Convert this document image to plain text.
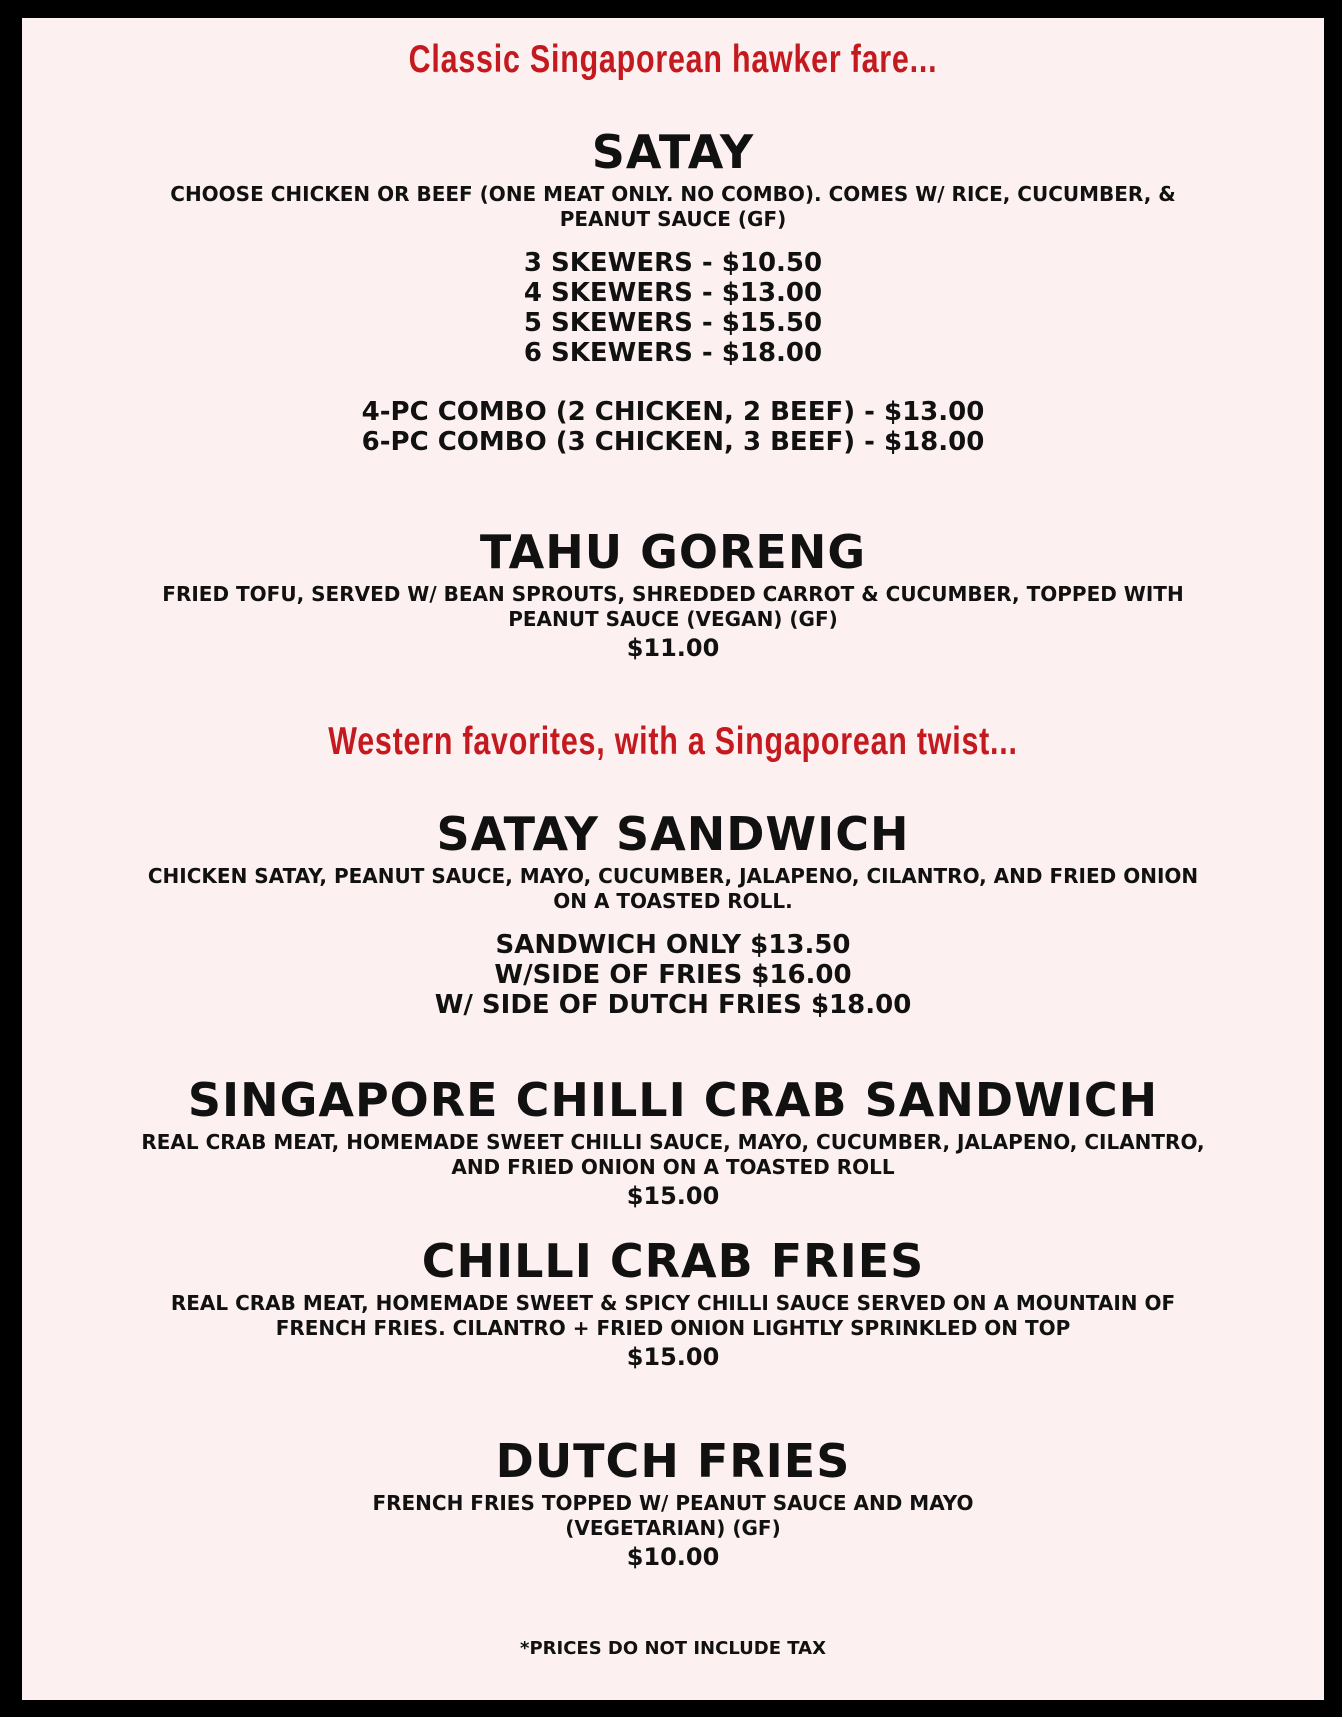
Classic Singaporean hawker fare...
SATAY

CHOOSE CHICKEN OR BEEF (ONE MEAT ONLY. NO COMBO). COMES W/ RICE, CUCUMBER, &
PEANUT SAUCE (GF)

3 SKEWERS - $10.50
4 SKEWERS - $13.00
5 SKEWERS - $15.50
6 SKEWERS - $18.00
4-PC COMBO (2 CHICKEN, 2 BEEF) - $13.00
6-PC COMBO (3 CHICKEN, 3 BEEF) - $18.00
TAHU GORENG

FRIED TOFU, SERVED W/ BEAN SPROUTS, SHREDDED CARROT & CUCUMBER, TOPPED WITH
PEANUT SAUCE (VEGAN) (GF)

$11.00
Western favorites, with a Singaporean twist...
SATAY SANDWICH

CHICKEN SATAY, PEANUT SAUCE, MAYO, CUCUMBER, JALAPENO, CILANTRO, AND FRIED ONION
ON A TOASTED ROLL.

SANDWICH ONLY $13.50
W/SIDE OF FRIES $16.00
W/ SIDE OF DUTCH FRIES $18.00
SINGAPORE CHILLI CRAB SANDWICH

REAL CRAB MEAT, HOMEMADE SWEET CHILLI SAUCE, MAYO, CUCUMBER, JALAPENO, CILANTRO,
AND FRIED ONION ON A TOASTED ROLL

$15.00
CHILLI CRAB FRIES

REAL CRAB MEAT, HOMEMADE SWEET & SPICY CHILLI SAUCE SERVED ON A MOUNTAIN OF
FRENCH FRIES. CILANTRO + FRIED ONION LIGHTLY SPRINKLED ON TOP

$15.00
DUTCH FRIES

FRENCH FRIES TOPPED W/ PEANUT SAUCE AND MAYO
(VEGETARIAN) (GF)

$10.00

*PRICES DO NOT INCLUDE TAX
